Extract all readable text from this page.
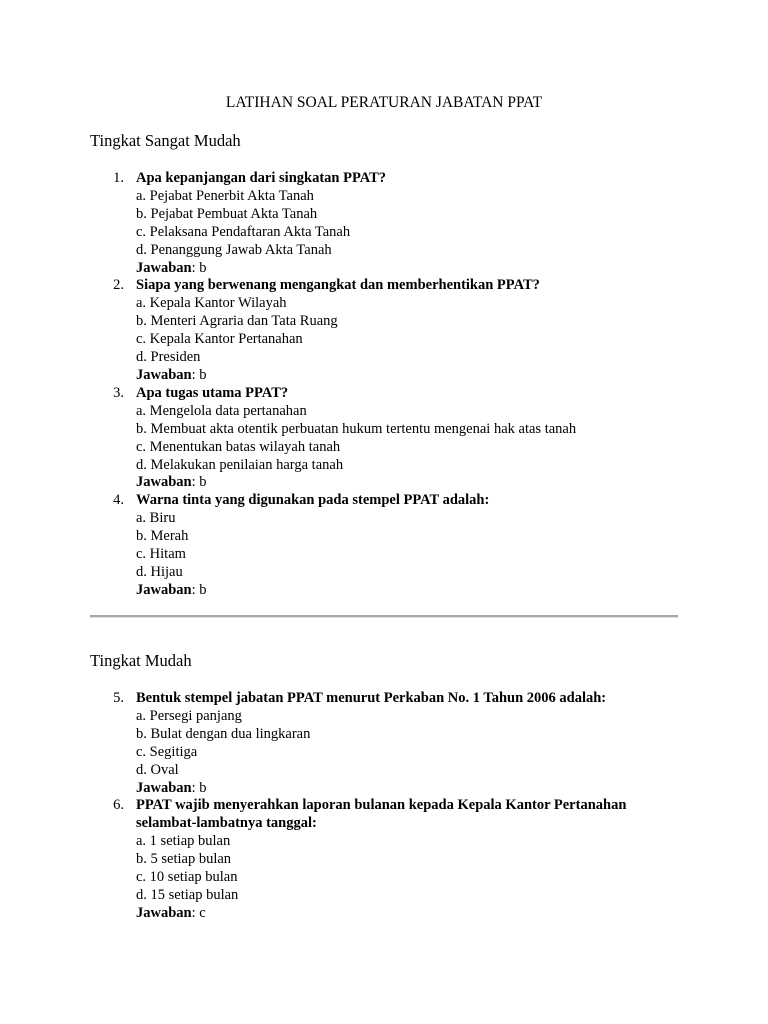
LATIHAN SOAL PERATURAN JABATAN PPAT
Tingkat Sangat Mudah
1. Apa kepanjangan dari singkatan PPAT?
a. Pejabat Penerbit Akta Tanah
b. Pejabat Pembuat Akta Tanah
c. Pelaksana Pendaftaran Akta Tanah
d. Penanggung Jawab Akta Tanah
Jawaban: b
2. Siapa yang berwenang mengangkat dan memberhentikan PPAT?
a. Kepala Kantor Wilayah
b. Menteri Agraria dan Tata Ruang
c. Kepala Kantor Pertanahan
d. Presiden
Jawaban: b
3. Apa tugas utama PPAT?
a. Mengelola data pertanahan
b. Membuat akta otentik perbuatan hukum tertentu mengenai hak atas tanah
c. Menentukan batas wilayah tanah
d. Melakukan penilaian harga tanah
Jawaban: b
4. Warna tinta yang digunakan pada stempel PPAT adalah:
a. Biru
b. Merah
c. Hitam
d. Hijau
Jawaban: b
Tingkat Mudah
5. Bentuk stempel jabatan PPAT menurut Perkaban No. 1 Tahun 2006 adalah:
a. Persegi panjang
b. Bulat dengan dua lingkaran
c. Segitiga
d. Oval
Jawaban: b
6. PPAT wajib menyerahkan laporan bulanan kepada Kepala Kantor Pertanahan selambat-lambatnya tanggal:
a. 1 setiap bulan
b. 5 setiap bulan
c. 10 setiap bulan
d. 15 setiap bulan
Jawaban: c
